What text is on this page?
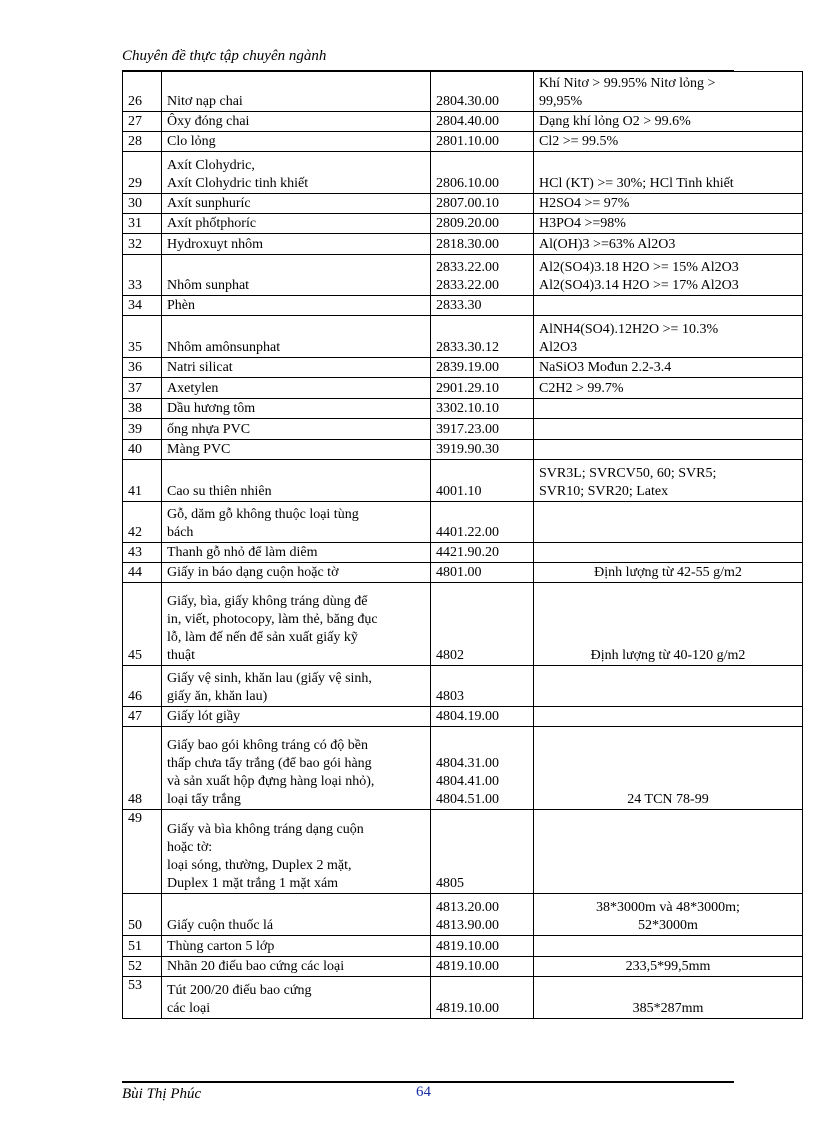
Chuyên đề thực tập chuyên ngành
26	Nitơ nạp chai	2804.30.00	Khí Nitơ > 99.95% Nitơ lỏng >
99,95%

27	Ôxy đóng chai	2804.40.00	Dạng khí lỏng O2 > 99.6%

28	Clo lỏng	2801.10.00	Cl2 >= 99.5%

29	Axít Clohydric,
Axít Clohydric tinh khiết	2806.10.00	HCl (KT) >= 30%; HCl Tinh khiết

30	Axít sunphuríc	2807.00.10	H2SO4 >= 97%

31	Axít phốtphoríc	2809.20.00	H3PO4 >=98%

32	Hydroxuyt nhôm	2818.30.00	Al(OH)3 >=63% Al2O3

33	Nhôm sunphat	2833.22.00
2833.22.00	Al2(SO4)3.18 H2O >= 15% Al2O3
Al2(SO4)3.14 H2O >= 17% Al2O3

34	Phèn	2833.30	

35	Nhôm amônsunphat	2833.30.12	AlNH4(SO4).12H2O >= 10.3%
Al2O3

36	Natri silicat	2839.19.00	NaSiO3 Mođun 2.2-3.4

37	Axetylen	2901.29.10	C2H2 > 99.7%

38	Dầu hương tôm	3302.10.10	

39	ống nhựa PVC	3917.23.00	

40	Màng PVC	3919.90.30	

41	Cao su thiên nhiên	4001.10	SVR3L; SVRCV50, 60; SVR5;
SVR10; SVR20; Latex

42	Gỗ, dăm gỗ không thuộc loại tùng
bách	4401.22.00	

43	Thanh gỗ nhỏ để làm diêm	4421.90.20	

44	Giấy in báo dạng cuộn hoặc tờ	4801.00	Định lượng từ 42-55 g/m2

45	Giấy, bìa, giấy không tráng dùng để
in, viết, photocopy, làm thẻ, băng đục
lỗ, làm đế nến để sản xuất giấy kỹ
thuật	4802	Định lượng từ 40-120 g/m2

46	Giấy vệ sinh, khăn lau (giấy vệ sinh,
giấy ăn, khăn lau)	4803	

47	Giấy lót giầy	4804.19.00	

48	Giấy bao gói không tráng có độ bền
thấp chưa tẩy trắng (để bao gói hàng
và sản xuất hộp đựng hàng loại nhỏ),
loại tẩy trắng	4804.31.00
4804.41.00
4804.51.00	24 TCN 78-99

49	Giấy và bìa không tráng dạng cuộn
hoặc tờ:
loại sóng, thường, Duplex 2 mặt,
Duplex 1 mặt trắng 1 mặt xám	4805	

50	Giấy cuộn thuốc lá	4813.20.00
4813.90.00	38*3000m và 48*3000m;
52*3000m

51	Thùng carton 5 lớp	4819.10.00	

52	Nhãn 20 điếu bao cứng các loại	4819.10.00	233,5*99,5mm

53	Tút 200/20 điếu bao cứng
các loại	4819.10.00	385*287mm
Bùi Thị Phúc	64
